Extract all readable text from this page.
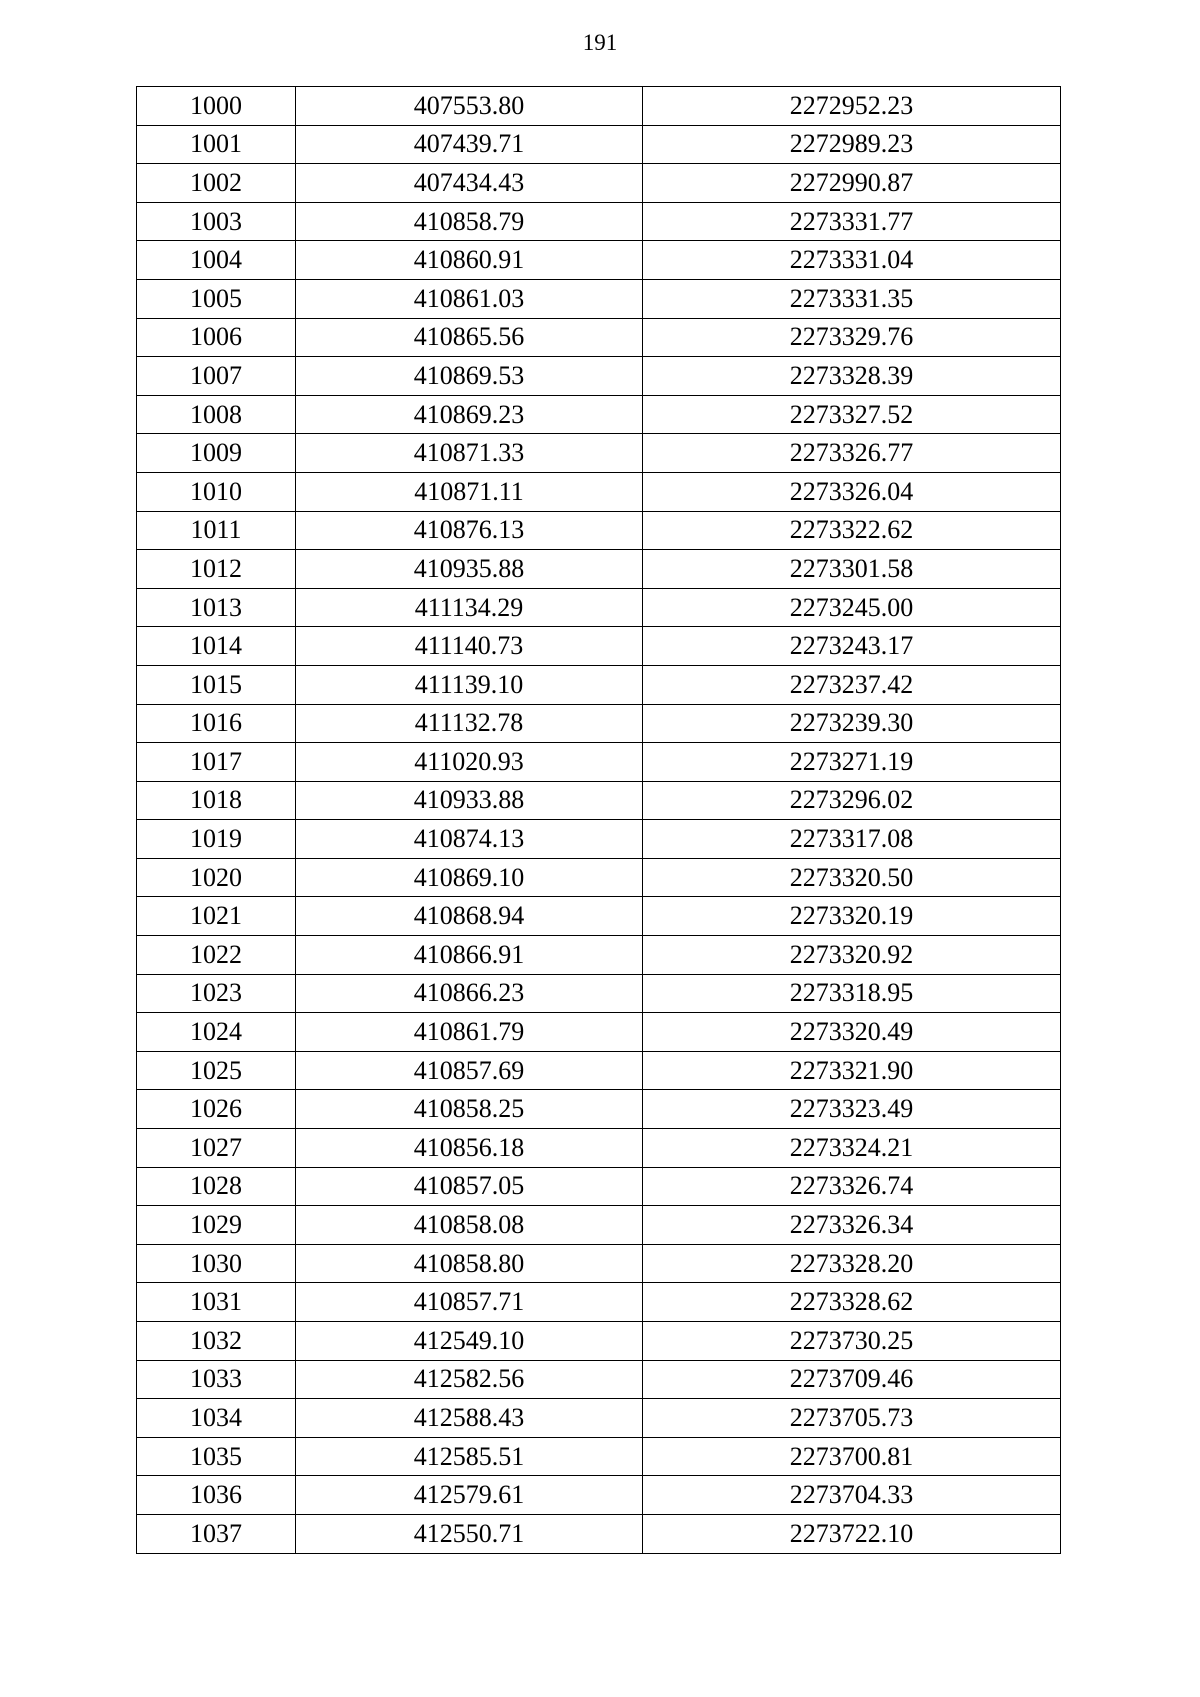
191
1000	407553.80	2272952.23
1001	407439.71	2272989.23
1002	407434.43	2272990.87
1003	410858.79	2273331.77
1004	410860.91	2273331.04
1005	410861.03	2273331.35
1006	410865.56	2273329.76
1007	410869.53	2273328.39
1008	410869.23	2273327.52
1009	410871.33	2273326.77
1010	410871.11	2273326.04
1011	410876.13	2273322.62
1012	410935.88	2273301.58
1013	411134.29	2273245.00
1014	411140.73	2273243.17
1015	411139.10	2273237.42
1016	411132.78	2273239.30
1017	411020.93	2273271.19
1018	410933.88	2273296.02
1019	410874.13	2273317.08
1020	410869.10	2273320.50
1021	410868.94	2273320.19
1022	410866.91	2273320.92
1023	410866.23	2273318.95
1024	410861.79	2273320.49
1025	410857.69	2273321.90
1026	410858.25	2273323.49
1027	410856.18	2273324.21
1028	410857.05	2273326.74
1029	410858.08	2273326.34
1030	410858.80	2273328.20
1031	410857.71	2273328.62
1032	412549.10	2273730.25
1033	412582.56	2273709.46
1034	412588.43	2273705.73
1035	412585.51	2273700.81
1036	412579.61	2273704.33
1037	412550.71	2273722.10
